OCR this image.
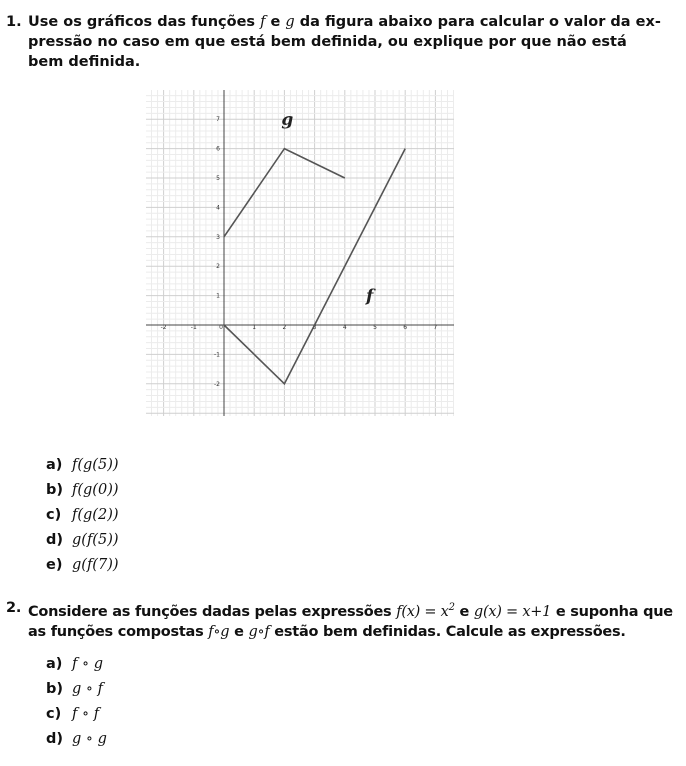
1. Use os gráficos das funções f e g da figura abaixo para calcular o valor da ex- pressão no caso em que está bem definida, ou explique por que não está bem definida.
-2	-1	0	1	2	3	4	5	6	7
-2
-1
1
2
3
4
5
6
7	g
f
a) f(g(5))
b) f(g(0))
c) f(g(2))
d) g(f(5))
e) g(f(7))
2. Considere as funções dadas pelas expressões $f(x) = x^2$ e g(x) = x+1 e suponha que as funções compostas f∘g e g∘f estão bem definidas. Calcule as expressões.
a) f ∘ g
b) g ∘ f
c) f ∘ f
d) g ∘ g
